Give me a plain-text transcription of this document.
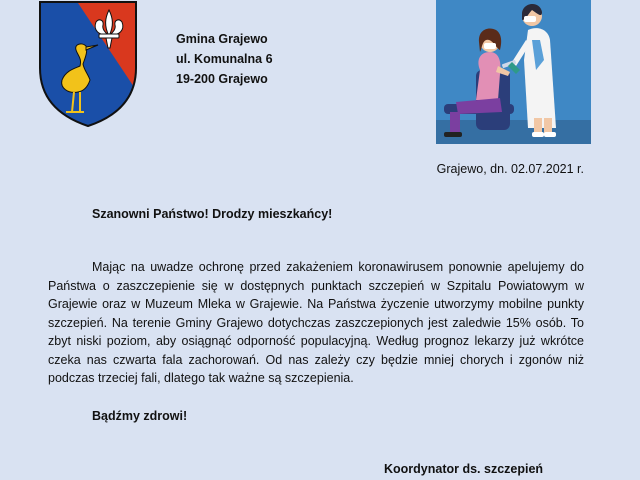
Gmina Grajewo
ul. Komunalna 6
19-200 Grajewo
Grajewo, dn. 02.07.2021 r.
Szanowni Państwo! Drodzy mieszkańcy!
Mając na uwadze ochronę przed zakażeniem koronawirusem ponownie apelujemy do Państwa o zaszczepienie się w dostępnych punktach szczepień w Szpitalu Powiatowym w Grajewie oraz w Muzeum Mleka w Grajewie. Na Państwa życzenie utworzymy mobilne punkty szczepień. Na terenie Gminy Grajewo dotychczas zaszczepionych jest zaledwie 15% osób. To zbyt niski poziom, aby osiągnąć odporność populacyjną. Według prognoz lekarzy już wkrótce czeka nas czwarta fala zachorowań. Od nas zależy czy będzie mniej chorych i zgonów niż podczas trzeciej fali, dlatego tak ważne są szczepienia.
Bądźmy zdrowi!
Koordynator ds. szczepień
